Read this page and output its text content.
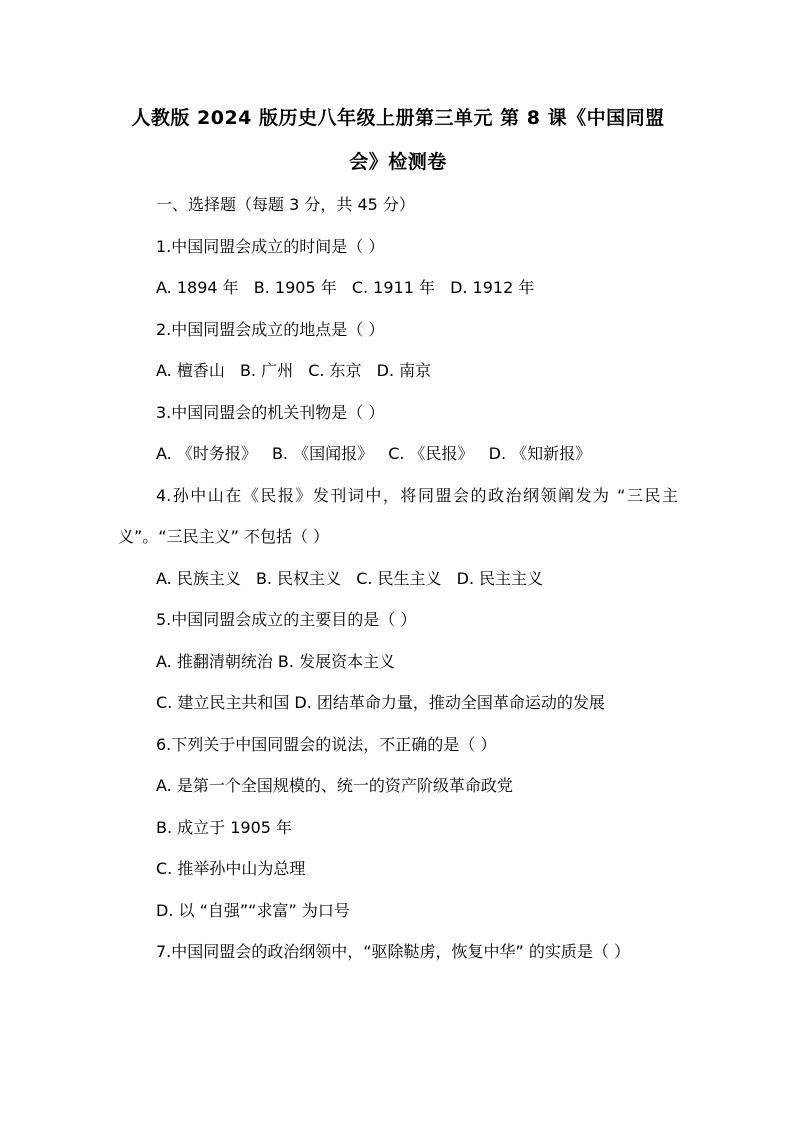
人教版 2024 版历史八年级上册第三单元 第 8 课《中国同盟会》检测卷

一、选择题（每题 3 分，共 45 分）

1.中国同盟会成立的时间是（ ）

A. 1894 年 B. 1905 年 C. 1911 年 D. 1912 年

2.中国同盟会成立的地点是（ ）

A. 檀香山 B. 广州 C. 东京 D. 南京

3.中国同盟会的机关刊物是（ ）

A. 《时务报》 B. 《国闻报》 C. 《民报》 D. 《知新报》

4.孙中山在《民报》发刊词中，将同盟会的政治纲领阐发为 “三民主义”。“三民主义” 不包括（ ）

A. 民族主义 B. 民权主义 C. 民生主义 D. 民主主义

5.中国同盟会成立的主要目的是（ ）

A. 推翻清朝统治 B. 发展资本主义

C. 建立民主共和国 D. 团结革命力量，推动全国革命运动的发展

6.下列关于中国同盟会的说法，不正确的是（ ）

A. 是第一个全国规模的、统一的资产阶级革命政党

B. 成立于 1905 年

C. 推举孙中山为总理

D. 以 “自强”“求富” 为口号

7.中国同盟会的政治纲领中，“驱除鞑虏，恢复中华” 的实质是（ ）
